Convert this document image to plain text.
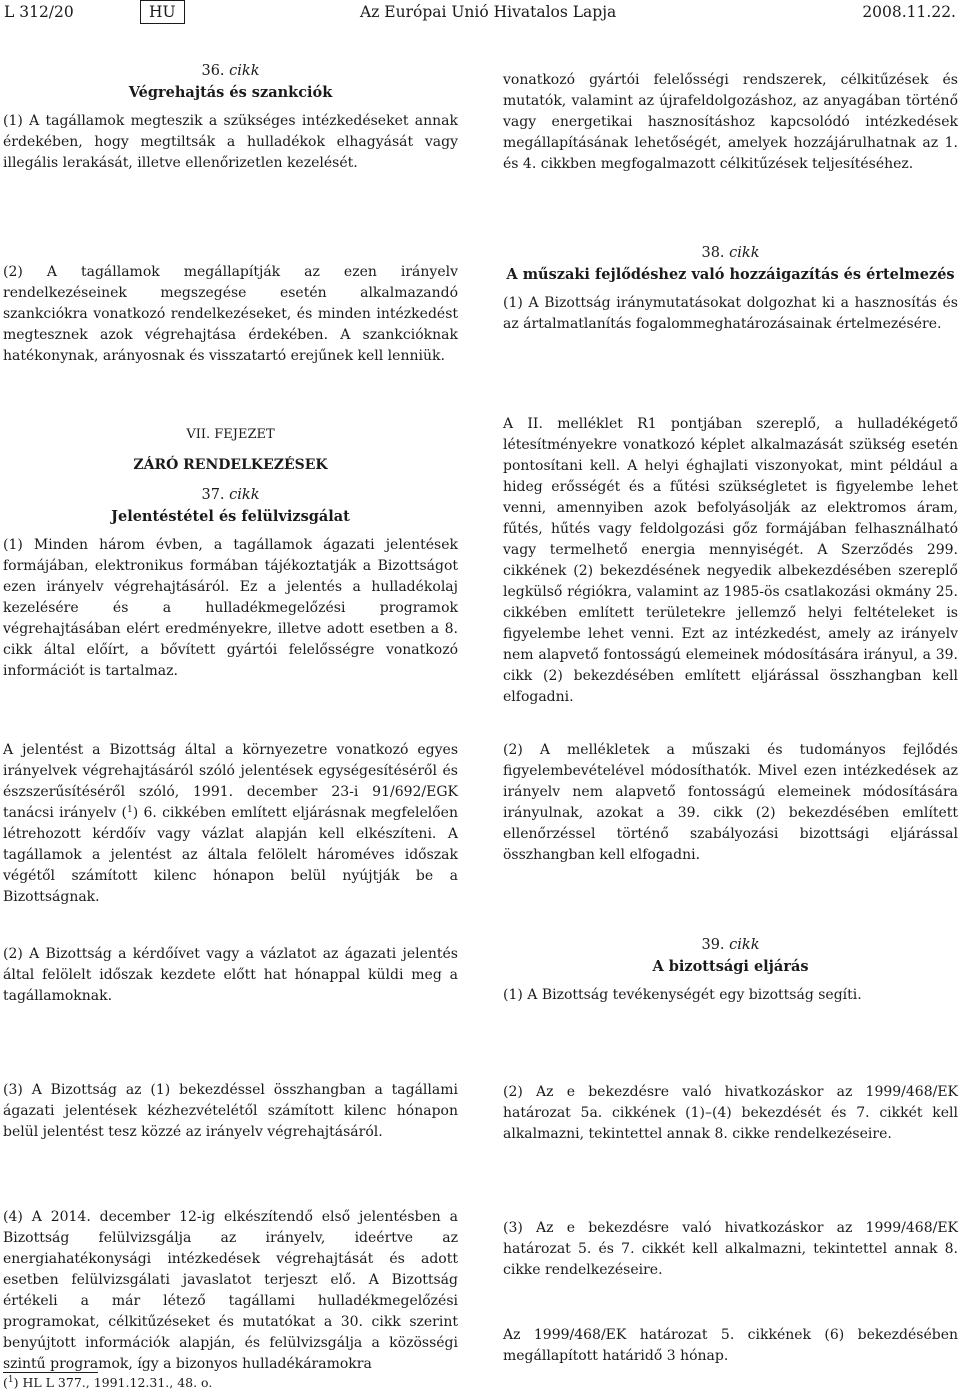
L 312/20	HU	Az Európai Unió Hivatalos Lapja	2008.11.22.

36. cikk

Végrehajtás és szankciók

(1) A tagállamok megteszik a szükséges intézkedéseket annak érdekében, hogy megtiltsák a hulladékok elhagyását vagy illegális lerakását, illetve ellenőrizetlen kezelését.

(2) A tagállamok megállapítják az ezen irányelv rendelkezéseinek megszegése esetén alkalmazandó szankciókra vonatkozó rendelkezéseket, és minden intézkedést megtesznek azok végrehajtása érdekében. A szankcióknak hatékonynak, arányosnak és visszatartó erejűnek kell lenniük.

VII. FEJEZET

ZÁRÓ RENDELKEZÉSEK

37. cikk

Jelentéstétel és felülvizsgálat

(1) Minden három évben, a tagállamok ágazati jelentések formájában, elektronikus formában tájékoztatják a Bizottságot ezen irányelv végrehajtásáról. Ez a jelentés a hulladékolaj kezelésére és a hulladékmegelőzési programok végrehajtásában elért eredményekre, illetve adott esetben a 8. cikk által előírt, a bővített gyártói felelősségre vonatkozó információt is tartalmaz.

A jelentést a Bizottság által a környezetre vonatkozó egyes irányelvek végrehajtásáról szóló jelentések egységesítéséről és észszerűsítéséről szóló, 1991. december 23-i 91/692/EGK tanácsi irányelv ($^1$) 6. cikkében említett eljárásnak megfelelően létrehozott kérdőív vagy vázlat alapján kell elkészíteni. A tagállamok a jelentést az általa felölelt hároméves időszak végétől számított kilenc hónapon belül nyújtják be a Bizottságnak.

(2) A Bizottság a kérdőívet vagy a vázlatot az ágazati jelentés által felölelt időszak kezdete előtt hat hónappal küldi meg a tagállamoknak.

(3) A Bizottság az (1) bekezdéssel összhangban a tagállami ágazati jelentések kézhezvételétől számított kilenc hónapon belül jelentést tesz közzé az irányelv végrehajtásáról.

(4) A 2014. december 12-ig elkészítendő első jelentésben a Bizottság felülvizsgálja az irányelv, ideértve az energiahatékonysági intézkedések végrehajtását és adott esetben felülvizsgálati javaslatot terjeszt elő. A Bizottság értékeli a már létező tagállami hulladékmegelőzési programokat, célkitűzéseket és mutatókat a 30. cikk szerint benyújtott információk alapján, és felülvizsgálja a közösségi szintű programok, így a bizonyos hulladékáramokra

($^1$) HL L 377., 1991.12.31., 48. o.

vonatkozó gyártói felelősségi rendszerek, célkitűzések és mutatók, valamint az újrafeldolgozáshoz, az anyagában történő vagy energetikai hasznosításhoz kapcsolódó intézkedések megállapításának lehetőségét, amelyek hozzájárulhatnak az 1. és 4. cikkben megfogalmazott célkitűzések teljesítéséhez.

38. cikk

A műszaki fejlődéshez való hozzáigazítás és értelmezés

(1) A Bizottság iránymutatásokat dolgozhat ki a hasznosítás és az ártalmatlanítás fogalommeghatározásainak értelmezésére.

A II. melléklet R1 pontjában szereplő, a hulladékégető létesítményekre vonatkozó képlet alkalmazását szükség esetén pontosítani kell. A helyi éghajlati viszonyokat, mint például a hideg erősségét és a fűtési szükségletet is figyelembe lehet venni, amennyiben azok befolyásolják az elektromos áram, fűtés, hűtés vagy feldolgozási gőz formájában felhasználható vagy termelhető energia mennyiségét. A Szerződés 299. cikkének (2) bekezdésének negyedik albekezdésében szereplő legkülső régiókra, valamint az 1985-ös csatlakozási okmány 25. cikkében említett területekre jellemző helyi feltételeket is figyelembe lehet venni. Ezt az intézkedést, amely az irányelv nem alapvető fontosságú elemeinek módosítására irányul, a 39. cikk (2) bekezdésében említett eljárással összhangban kell elfogadni.

(2) A mellékletek a műszaki és tudományos fejlődés figyelembevételével módosíthatók. Mivel ezen intézkedések az irányelv nem alapvető fontosságú elemeinek módosítására irányulnak, azokat a 39. cikk (2) bekezdésében említett ellenőrzéssel történő szabályozási bizottsági eljárással összhangban kell elfogadni.

39. cikk

A bizottsági eljárás

(1) A Bizottság tevékenységét egy bizottság segíti.

(2) Az e bekezdésre való hivatkozáskor az 1999/468/EK határozat 5a. cikkének (1)–(4) bekezdését és 7. cikkét kell alkalmazni, tekintettel annak 8. cikke rendelkezéseire.

(3) Az e bekezdésre való hivatkozáskor az 1999/468/EK határozat 5. és 7. cikkét kell alkalmazni, tekintettel annak 8. cikke rendelkezéseire.

Az 1999/468/EK határozat 5. cikkének (6) bekezdésében megállapított határidő 3 hónap.
